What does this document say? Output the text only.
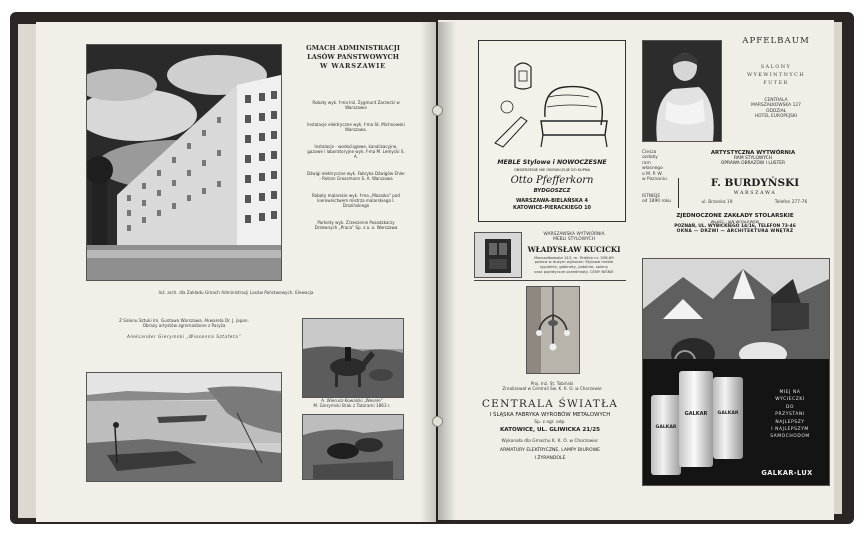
GMACH ADMINISTRACJI
LASÓW PAŃSTWOWYCH
W WARSZAWIE

Roboty wyk. f-ma Inż. Zygmunt Zarzecki w Warszawie

Instalacje elektryczne wyk. f-ma St. Michnowski Warszawa.

Instalacje - wodociągowe, kanalizacyjne, gazowe i laboratoryjne wyk. f-ma M. Lemycki S. A.

Dźwigi elektryczne wyk. Fabryka Dźwigów Ehler - Rotron Grossmann S. A. Warszawa

Roboty malarskie wyk. f-ma „Mozaika” pod kierownictwem mistrza malarskiego I. Drozińskiego

Parkiety wyk. Zrzeszenie Posadzkarzy Drzewnych „Praca” Sp. z o. o. Warszawa

Inż. arch. dla Zakładu Gmach Administracji Lasów Państwowych. Elewacja
Z Salonu Sztuki Im. Gustawa Warszawa. Akwarela Dr. J. japon.
Obrazy artystów zgromadzone z Paryża
Aleksander Gierymski „Wiosenna Sztafeta”
A. Wierusz-Kowalski „Wesele”
M. Gierymski Brak z Tatarami 1863 r.
MEBLE Stylowe i NOWOCZESNE
OBSIERZENIE NIE OBOWIĄZUJE DO KUPNA
Otto Pfefferkorn
BYDGOSZCZ
WARSZAWA-BIELAŃSKA 4
KATOWICE-PIERACKIEGO 10
APFELBAUM
SALONY
WYKWINTNYCH
FUTER
CENTRALA
MARSZAŁKOWSKA 127
ODDZIAŁ
HOTEL EUROPEJSKI
Ciesza ozdoby
ram własnego
o M. P. W.
w Poznaniu
ARTYSTYCZNA WYTWÓRNIA
RAM STYLOWYCH
OPRAWA OBRAZÓW I LUSTER
F. BURDYŃSKI
WARSZAWA
ul. Brzeska 19	Telefon 277-76
ISTNIEJE
od 1890 roku
ZJEDNOCZONE ZAKŁADY STOLARSKIE
WŁAŚC.: JAN WITALEWSKI
POZNAŃ, UL. WYBICKIEGO 14/16, TELEFON 73-46
OKNA — DRZWI — ARCHITEKTURA WNĘTRZ
WARSZAWSKA WYTWÓRNIA
MEBLI STYLOWYCH
WŁADYSŁAW KUCICKI
Marszałkowska 143, m. Telefon nr. 528-69
poleca w dużym wyborze: Stylowe meble
sypialnie, gabinety, jadalnie, salony
oraz pojedyncze przedmioty. CENY NISKIE
Proj. Inż. St. Tobiński
Zrealizował w Centrali Św. K. K. O. w Chorzowie
CENTRALA ŚWIATŁA
I ŚLĄSKA FABRYKA WYROBÓW METALOWYCH
Sp. z ogr. odp.
KATOWICE, UL. GLIWICKA 21/25
Wykonała dla Gmachu K. K. O. w Chorzowie:
ARMATURY ELEKTRYCZNE, LAMPY BIUROWE
I ŻYRANDOLE
GALKAR
GALKAR	GALKAR
MIEJ NA
WYCIECZKI
DO
PRZYSTANI
NAJLEPSZY
I NAJLEPSZYM
SAMOCHODOM
GALKAR-LUX
